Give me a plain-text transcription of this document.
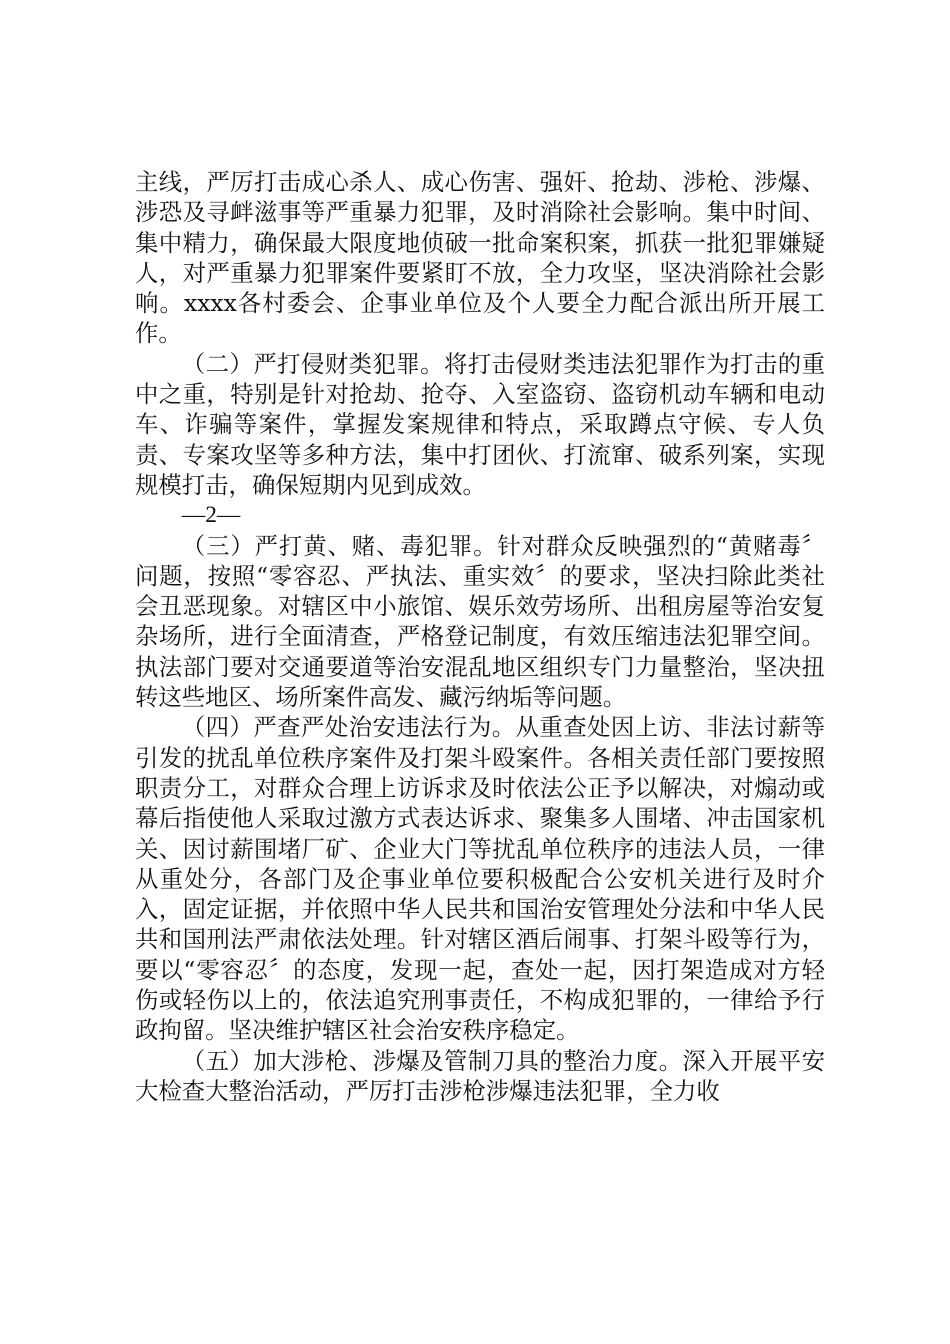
主线，严厉打击成心杀人、成心伤害、强奸、抢劫、涉枪、涉爆、涉恐及寻衅滋事等严重暴力犯罪，及时消除社会影响。集中时间、集中精力，确保最大限度地侦破一批命案积案，抓获一批犯罪嫌疑人，对严重暴力犯罪案件要紧盯不放，全力攻坚，坚决消除社会影响。xxxx各村委会、企事业单位及个人要全力配合派出所开展工作。

（二）严打侵财类犯罪。将打击侵财类违法犯罪作为打击的重中之重，特别是针对抢劫、抢夺、入室盗窃、盗窃机动车辆和电动车、诈骗等案件，掌握发案规律和特点，采取蹲点守候、专人负责、专案攻坚等多种方法，集中打团伙、打流窜、破系列案，实现规模打击，确保短期内见到成效。

—2—

（三）严打黄、赌、毒犯罪。针对群众反映强烈的“黄赌毒〞问题，按照“零容忍、严执法、重实效〞的要求，坚决扫除此类社会丑恶现象。对辖区中小旅馆、娱乐效劳场所、出租房屋等治安复杂场所，进行全面清查，严格登记制度，有效压缩违法犯罪空间。执法部门要对交通要道等治安混乱地区组织专门力量整治，坚决扭转这些地区、场所案件高发、藏污纳垢等问题。

（四）严查严处治安违法行为。从重查处因上访、非法讨薪等引发的扰乱单位秩序案件及打架斗殴案件。各相关责任部门要按照职责分工，对群众合理上访诉求及时依法公正予以解决，对煽动或幕后指使他人采取过激方式表达诉求、聚集多人围堵、冲击国家机关、因讨薪围堵厂矿、企业大门等扰乱单位秩序的违法人员，一律从重处分，各部门及企事业单位要积极配合公安机关进行及时介入，固定证据，并依照中华人民共和国治安管理处分法和中华人民共和国刑法严肃依法处理。针对辖区酒后闹事、打架斗殴等行为，要以“零容忍〞的态度，发现一起，查处一起，因打架造成对方轻伤或轻伤以上的，依法追究刑事责任，不构成犯罪的，一律给予行政拘留。坚决维护辖区社会治安秩序稳定。

（五）加大涉枪、涉爆及管制刀具的整治力度。深入开展平安大检查大整治活动，严厉打击涉枪涉爆违法犯罪，全力收
